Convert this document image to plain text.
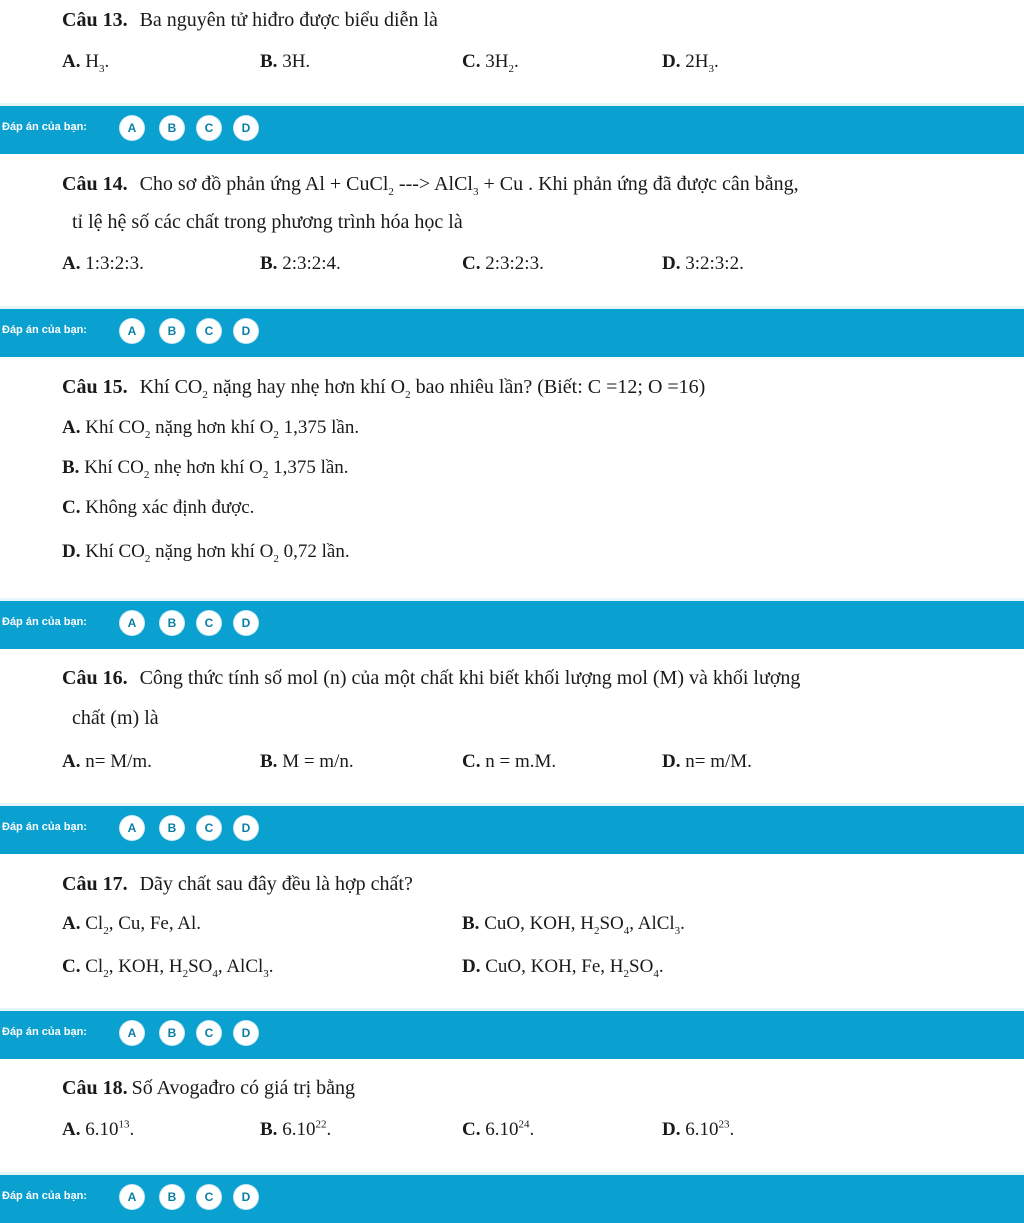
Câu 13. Ba nguyên tử hiđro được biểu diễn là
A. $H_3$.	B. 3H.	C. $3H_2$.	D. $2H_3$.
Đáp án của bạn:	A	B	C	D
Câu 14. Cho sơ đồ phản ứng Al + CuCl$_2$ ---> AlCl$_3$ + Cu . Khi phản ứng đã được cân bằng,
tỉ lệ hệ số các chất trong phương trình hóa học là
A. 1:3:2:3.	B. 2:3:2:4.	C. 2:3:2:3.	D. 3:2:3:2.
Đáp án của bạn:	A	B	C	D
Câu 15. Khí $CO_2$ nặng hay nhẹ hơn khí $O_2$ bao nhiêu lần? (Biết: C =12; O =16)
A. Khí $CO_2$ nặng hơn khí $O_2$ 1,375 lần.
B. Khí $CO_2$ nhẹ hơn khí $O_2$ 1,375 lần.
C. Không xác định được.
D. Khí $CO_2$ nặng hơn khí $O_2$ 0,72 lần.
Đáp án của bạn:	A	B	C	D
Câu 16. Công thức tính số mol (n) của một chất khi biết khối lượng mol (M) và khối lượng
chất (m) là
A. n= M/m.	B. M = m/n.	C. n = m.M.	D. n= m/M.
Đáp án của bạn:	A	B	C	D
Câu 17. Dãy chất sau đây đều là hợp chất?
A. $Cl_2$, Cu, Fe, Al.	B. CuO, KOH, $H_2SO_4$, AlCl$_3$.
C. $Cl_2$, KOH, $H_2SO_4$, AlCl$_3$.	D. CuO, KOH, Fe, $H_2SO_4$.
Đáp án của bạn:	A	B	C	D
Câu 18. Số Avogađro có giá trị bằng
A. 6.10$^{13}$.	B. 6.10$^{22}$.	C. 6.10$^{24}$.	D. 6.10$^{23}$.
Đáp án của bạn:	A	B	C	D
